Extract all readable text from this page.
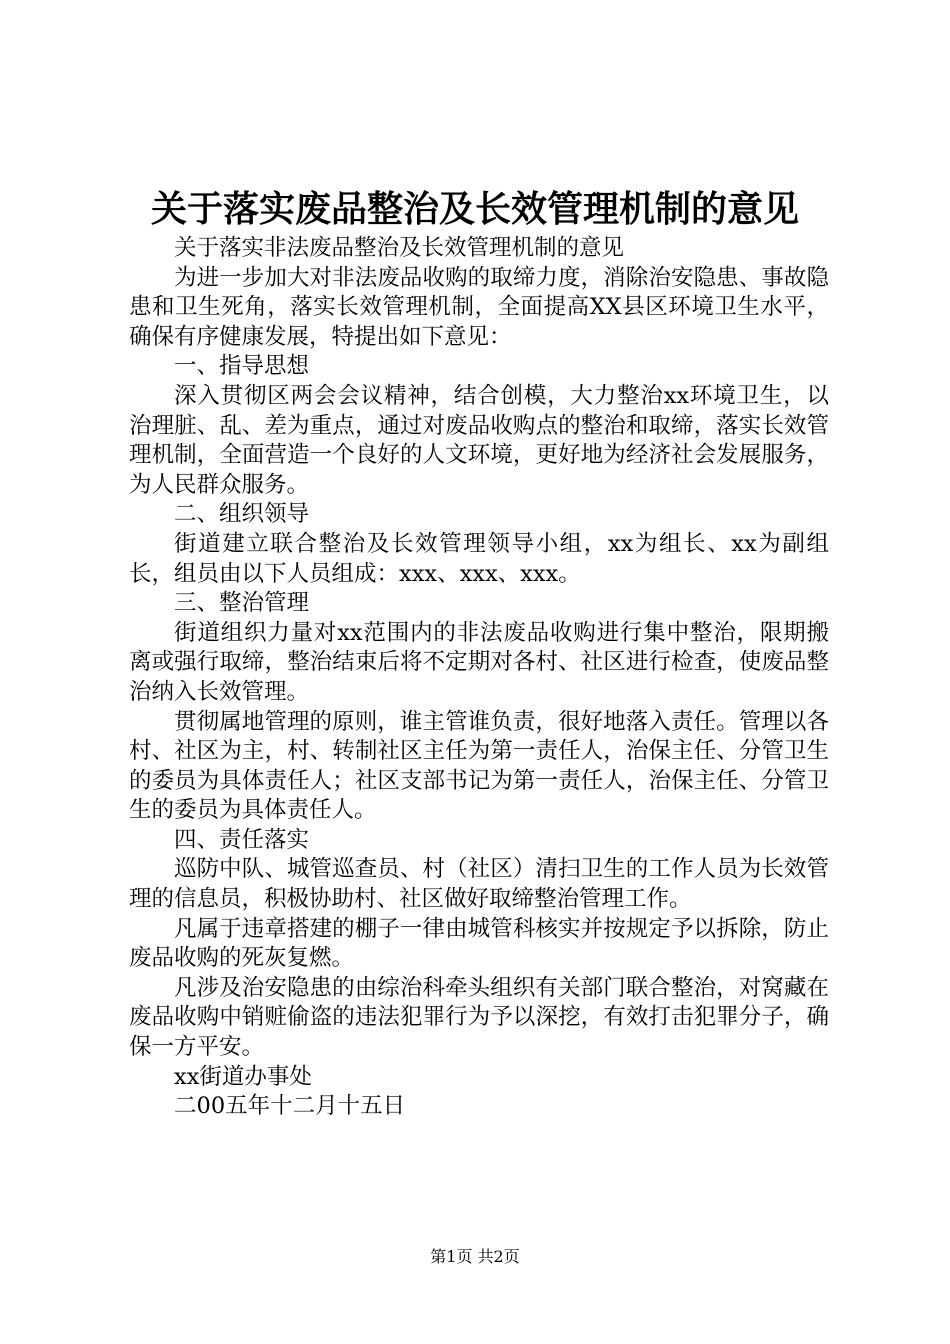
关于落实废品整治及长效管理机制的意见

关于落实非法废品整治及长效管理机制的意见

为进一步加大对非法废品收购的取缔力度，消除治安隐患、事故隐患和卫生死角，落实长效管理机制，全面提高XX县区环境卫生水平，确保有序健康发展，特提出如下意见：

一、指导思想

深入贯彻区两会会议精神，结合创模，大力整治xx环境卫生，以治理脏、乱、差为重点，通过对废品收购点的整治和取缔，落实长效管理机制，全面营造一个良好的人文环境，更好地为经济社会发展服务，为人民群众服务。

二、组织领导

街道建立联合整治及长效管理领导小组，xx为组长、xx为副组长，组员由以下人员组成：xxx、xxx、xxx。

三、整治管理

街道组织力量对xx范围内的非法废品收购进行集中整治，限期搬离或强行取缔，整治结束后将不定期对各村、社区进行检查，使废品整治纳入长效管理。

贯彻属地管理的原则，谁主管谁负责，很好地落入责任。管理以各村、社区为主，村、转制社区主任为第一责任人，治保主任、分管卫生的委员为具体责任人；社区支部书记为第一责任人，治保主任、分管卫生的委员为具体责任人。

四、责任落实

巡防中队、城管巡查员、村（社区）清扫卫生的工作人员为长效管理的信息员，积极协助村、社区做好取缔整治管理工作。

凡属于违章搭建的棚子一律由城管科核实并按规定予以拆除，防止废品收购的死灰复燃。

凡涉及治安隐患的由综治科牵头组织有关部门联合整治，对窝藏在废品收购中销赃偷盗的违法犯罪行为予以深挖，有效打击犯罪分子，确保一方平安。

xx街道办事处

二00五年十二月十五日

第1页 共2页
